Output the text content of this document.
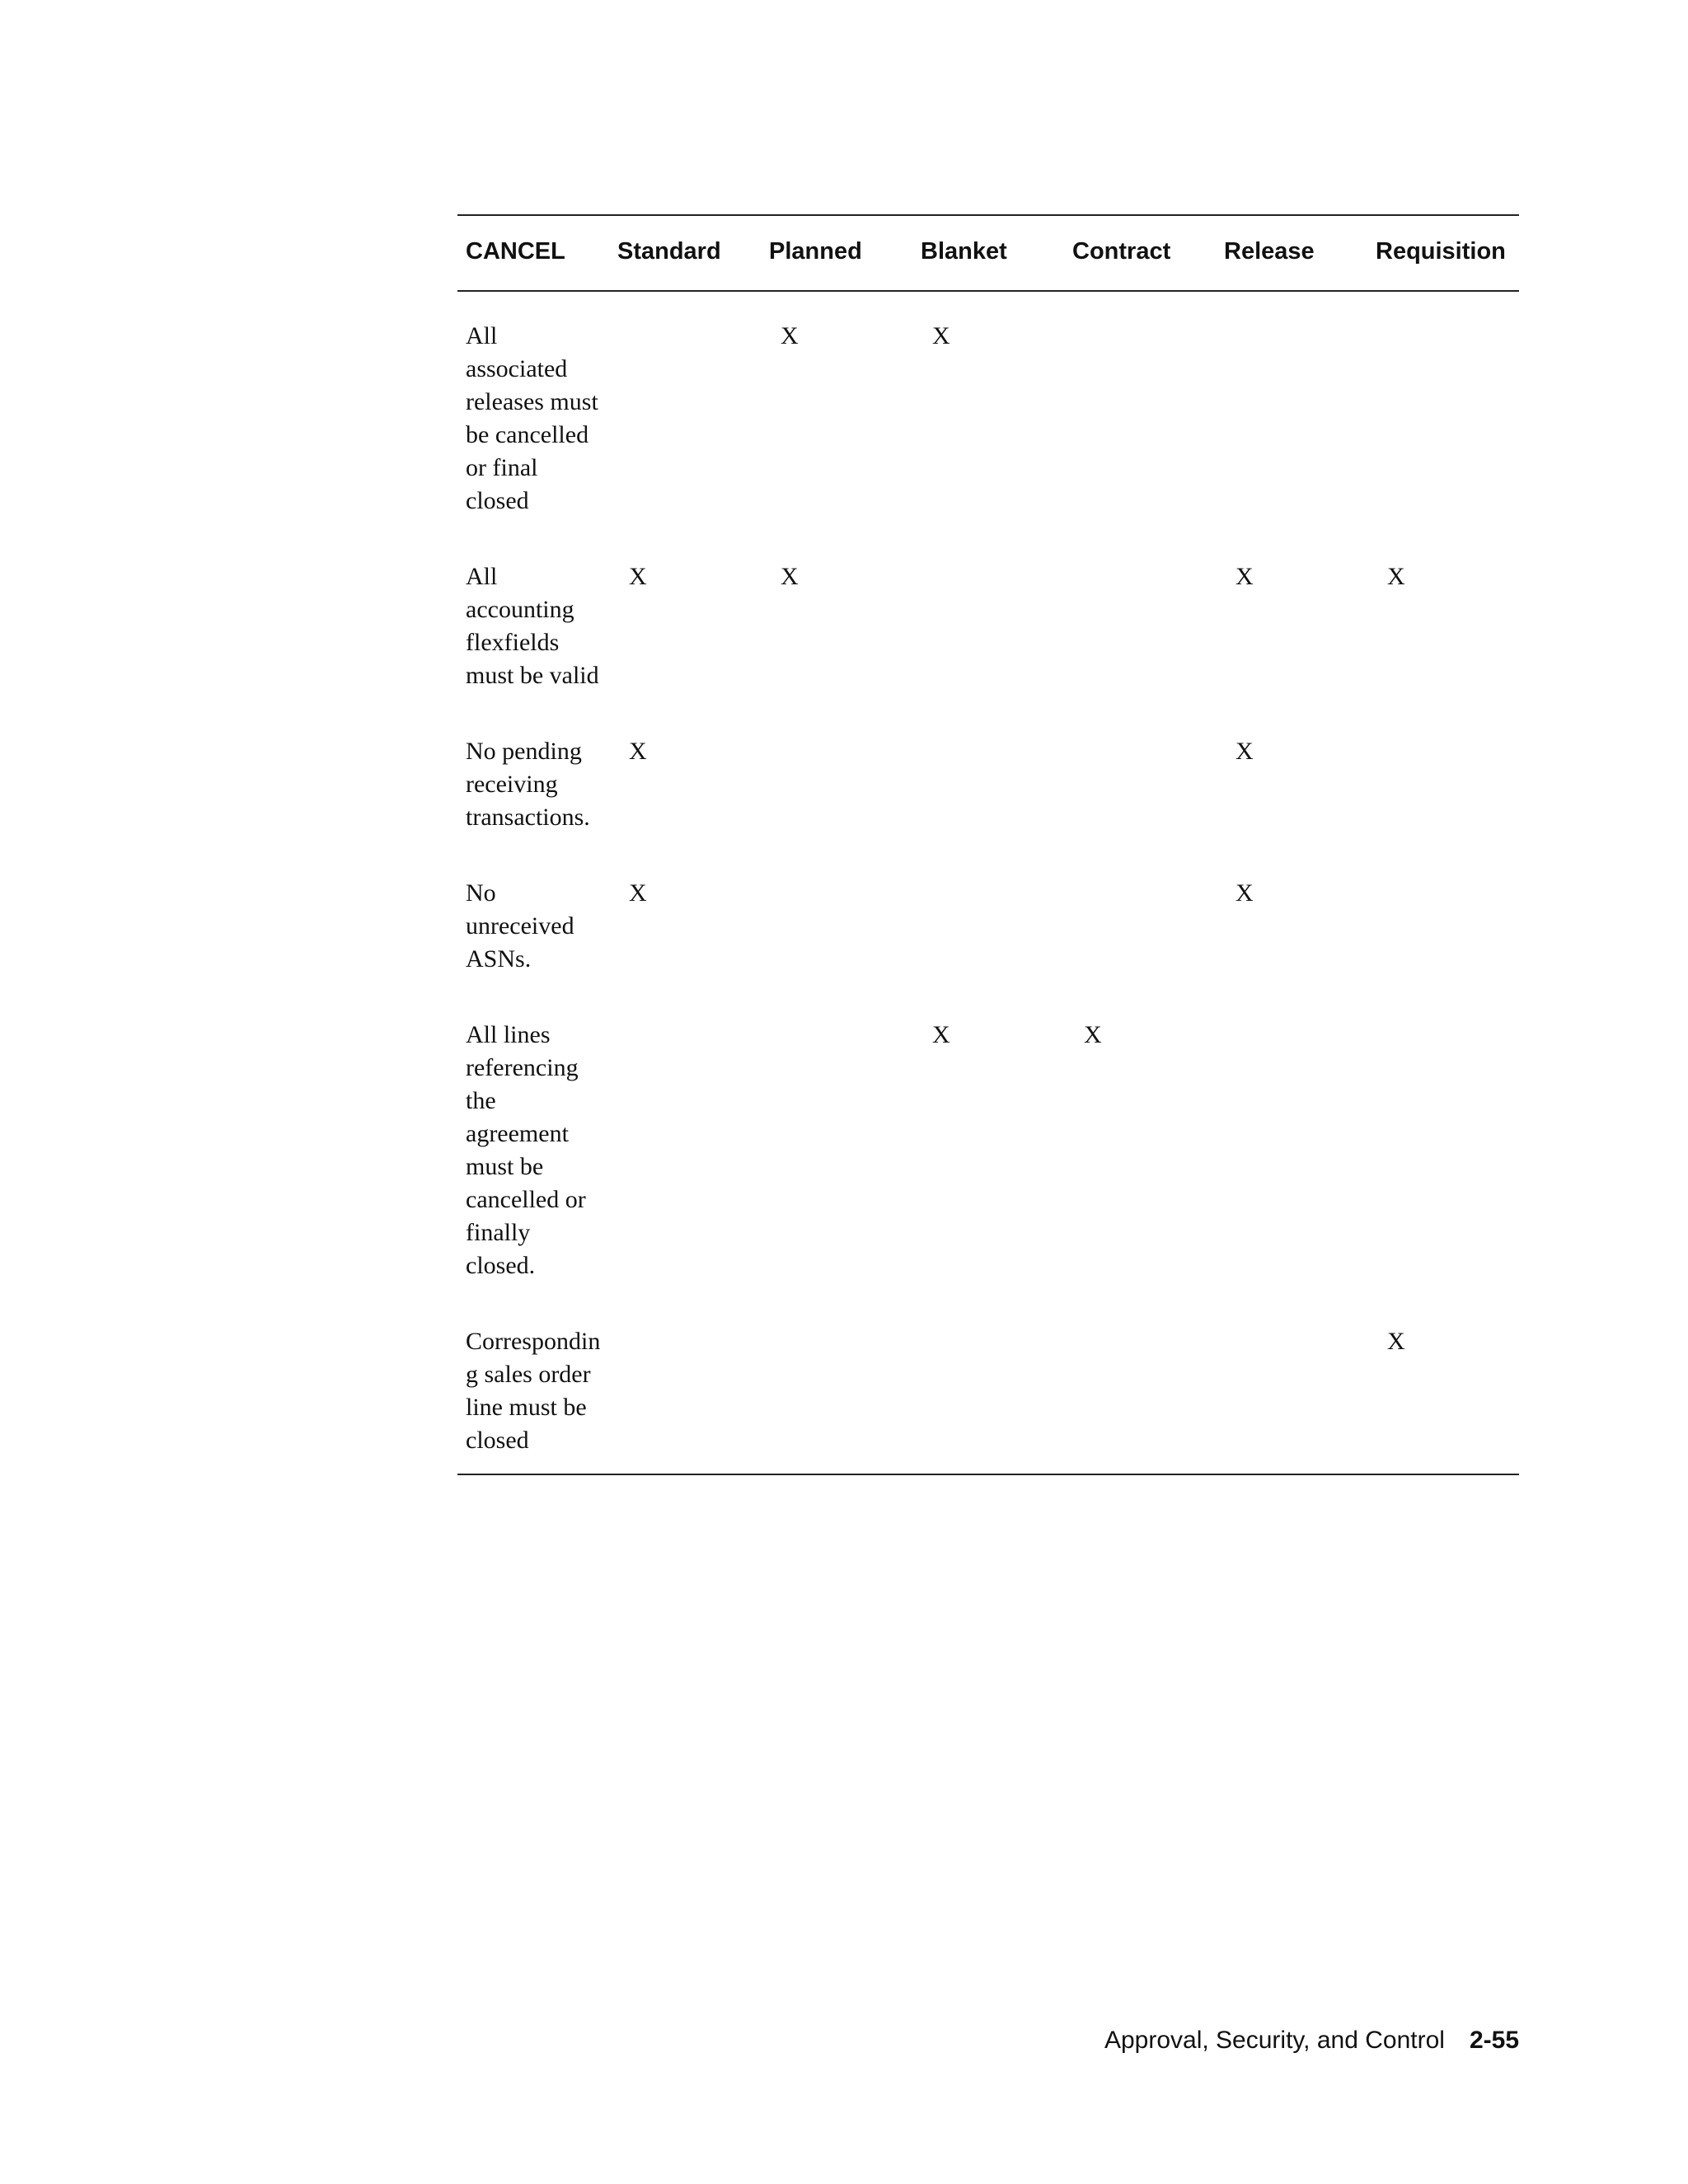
CANCEL	Standard	Planned	Blanket	Contract	Release	Requisition
All associated releases must be cancelled or final closed		X	X			
All accounting flexfields must be valid	X	X			X	X
No pending receiving transactions.	X				X	
No unreceived ASNs.	X				X	
All lines referencing the agreement must be cancelled or finally closed.			X	X		
Corresponding sales order line must be closed						X
Approval, Security, and Control 2-55
